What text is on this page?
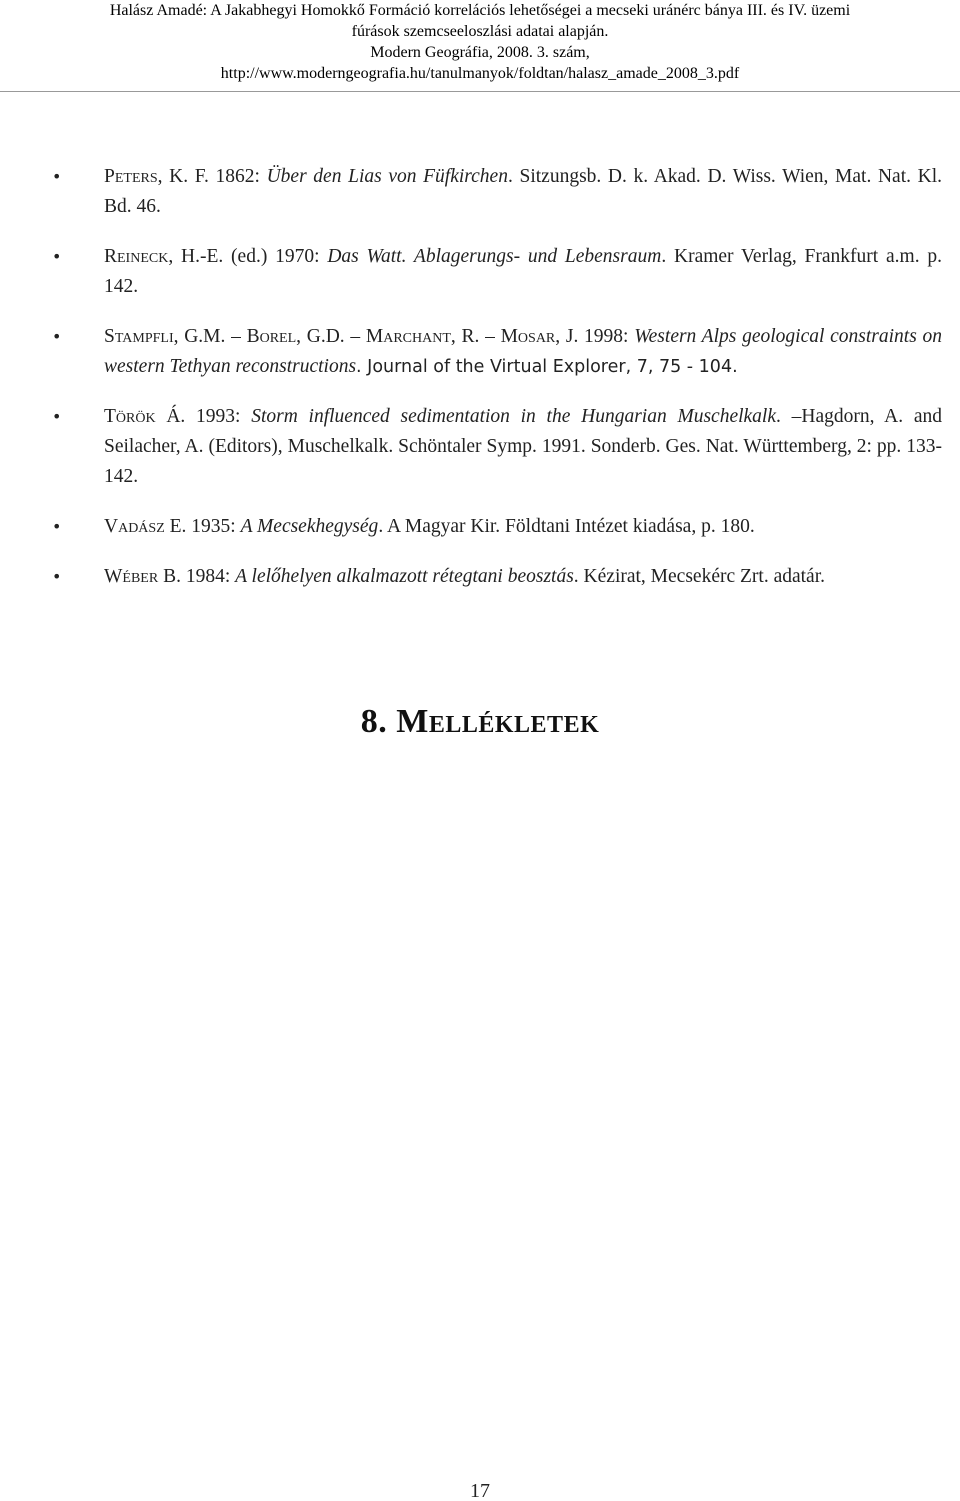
Halász Amadé: A Jakabhegyi Homokkő Formáció korrelációs lehetőségei a mecseki uránérc bánya III. és IV. üzemi
fúrások szemcseeloszlási adatai alapján.
Modern Geográfia, 2008. 3. szám,
http://www.moderngeografia.hu/tanulmanyok/foldtan/halasz_amade_2008_3.pdf
• Peters, K. F. 1862: Über den Lias von Füfkirchen. Sitzungsb. D. k. Akad. D. Wiss. Wien, Mat. Nat. Kl. Bd. 46.
• Reineck, H.-E. (ed.) 1970: Das Watt. Ablagerungs- und Lebensraum. Kramer Verlag, Frankfurt a.m. p. 142.
• Stampfli, G.M. – Borel, G.D. – Marchant, R. – Mosar, J. 1998: Western Alps geological constraints on western Tethyan reconstructions. Journal of the Virtual Explorer, 7, 75 - 104.
• Török Á. 1993: Storm influenced sedimentation in the Hungarian Muschelkalk. –Hagdorn, A. and Seilacher, A. (Editors), Muschelkalk. Schöntaler Symp. 1991. Sonderb. Ges. Nat. Württemberg, 2: pp. 133-142.
• Vadász E. 1935: A Mecsekhegység. A Magyar Kir. Földtani Intézet kiadása, p. 180.
• Wéber B. 1984: A lelőhelyen alkalmazott rétegtani beosztás. Kézirat, Mecsekérc Zrt. adatár.
8. Mellékletek
17
